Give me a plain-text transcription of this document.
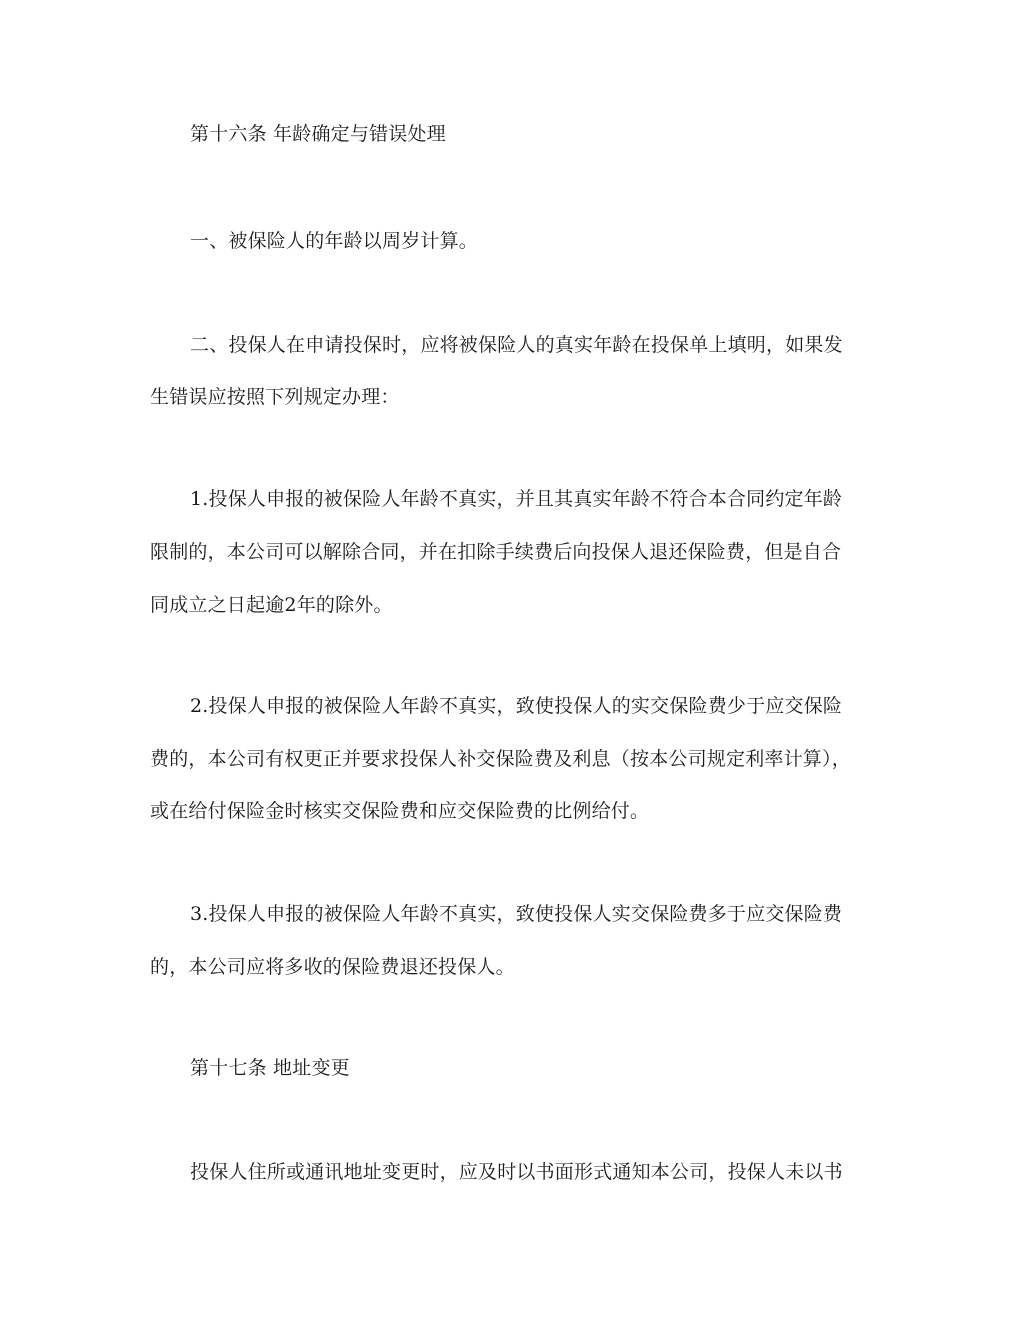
第十六条 年龄确定与错误处理
一、被保险人的年龄以周岁计算。
二、投保人在申请投保时，应将被保险人的真实年龄在投保单上填明，如果发
生错误应按照下列规定办理：
1.投保人申报的被保险人年龄不真实，并且其真实年龄不符合本合同约定年龄
限制的，本公司可以解除合同，并在扣除手续费后向投保人退还保险费，但是自合
同成立之日起逾2年的除外。
2.投保人申报的被保险人年龄不真实，致使投保人的实交保险费少于应交保险
费的，本公司有权更正并要求投保人补交保险费及利息（按本公司规定利率计算），
或在给付保险金时核实交保险费和应交保险费的比例给付。
3.投保人申报的被保险人年龄不真实，致使投保人实交保险费多于应交保险费
的，本公司应将多收的保险费退还投保人。
第十七条 地址变更
投保人住所或通讯地址变更时，应及时以书面形式通知本公司，投保人未以书
